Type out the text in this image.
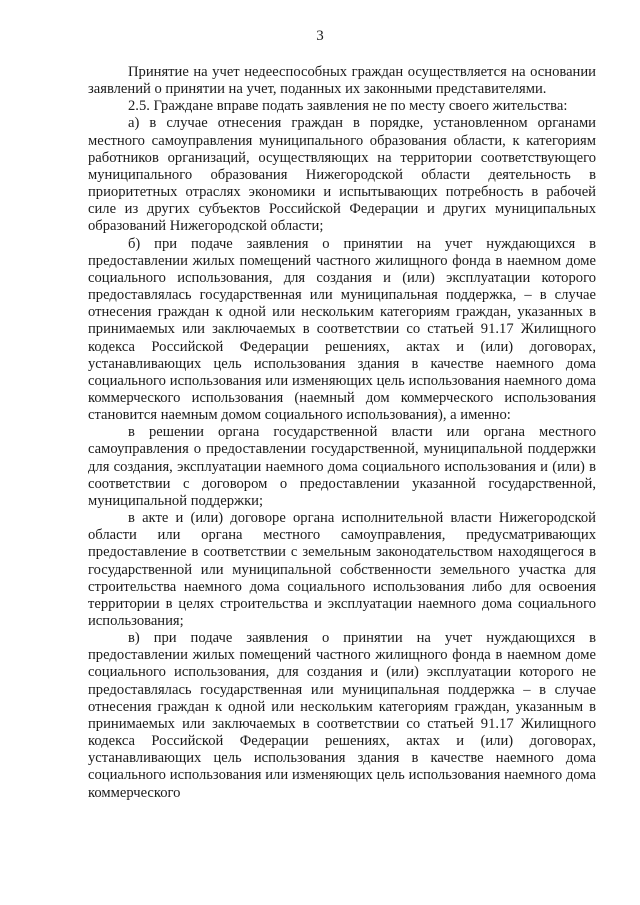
3

Принятие на учет недееспособных граждан осуществляется на основании заявлений о принятии на учет, поданных их законными представителями.

2.5. Граждане вправе подать заявления не по месту своего жительства:

а) в случае отнесения граждан в порядке, установленном органами местного самоуправления муниципального образования области, к категориям работников организаций, осуществляющих на территории соответствующего муниципального образования Нижегородской области деятельность в приоритетных отраслях экономики и испытывающих потребность в рабочей силе из других субъектов Российской Федерации и других муниципальных образований Нижегородской области;

б) при подаче заявления о принятии на учет нуждающихся в предоставлении жилых помещений частного жилищного фонда в наемном доме социального использования, для создания и (или) эксплуатации которого предоставлялась государственная или муниципальная поддержка, – в случае отнесения граждан к одной или нескольким категориям граждан, указанных в принимаемых или заключаемых в соответствии со статьей 91.17 Жилищного кодекса Российской Федерации решениях, актах и (или) договорах, устанавливающих цель использования здания в качестве наемного дома социального использования или изменяющих цель использования наемного дома коммерческого использования (наемный дом коммерческого использования становится наемным домом социального использования), а именно:

в решении органа государственной власти или органа местного самоуправления о предоставлении государственной, муниципальной поддержки для создания, эксплуатации наемного дома социального использования и (или) в соответствии с договором о предоставлении указанной государственной, муниципальной поддержки;

в акте и (или) договоре органа исполнительной власти Нижегородской области или органа местного самоуправления, предусматривающих предоставление в соответствии с земельным законодательством находящегося в государственной или муниципальной собственности земельного участка для строительства наемного дома социального использования либо для освоения территории в целях строительства и эксплуатации наемного дома социального использования;

в) при подаче заявления о принятии на учет нуждающихся в предоставлении жилых помещений частного жилищного фонда в наемном доме социального использования, для создания и (или) эксплуатации которого не предоставлялась государственная или муниципальная поддержка – в случае отнесения граждан к одной или нескольким категориям граждан, указанным в принимаемых или заключаемых в соответствии со статьей 91.17 Жилищного кодекса Российской Федерации решениях, актах и (или) договорах, устанавливающих цель использования здания в качестве наемного дома социального использования или изменяющих цель использования наемного дома коммерческого
